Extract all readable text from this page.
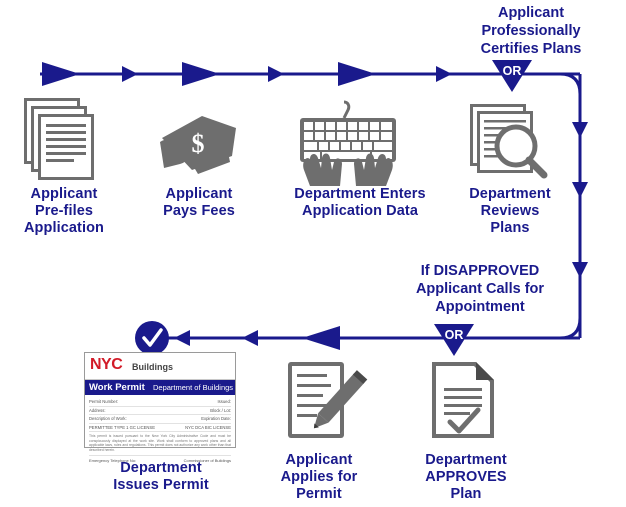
$
NYC Buildings
Work Permit Department of Buildings
Permit Number:	Issued:
Address:	Block / Lot:
Description of Work:	Expiration Date:
PERMITTEE TYPE 1 GC LICENSE	NYC DCA BIC LICENSE
This permit is issued pursuant to the New York City Administrative Code and must be conspicuously displayed at the work site. Work shall conform to approved plans and all applicable laws, rules and regulations. This permit does not authorize any work other than that described herein.
Emergency Telephone No:	Commissioner of Buildings
OR
OR
Applicant
Professionally
Certifies Plans
If DISAPPROVED
Applicant Calls for
Appointment
Applicant
Pre-files
Application
Applicant
Pays Fees
Department Enters
Application Data
Department
Reviews
Plans
Department
APPROVES
Plan
Applicant
Applies for
Permit
Department
Issues Permit
